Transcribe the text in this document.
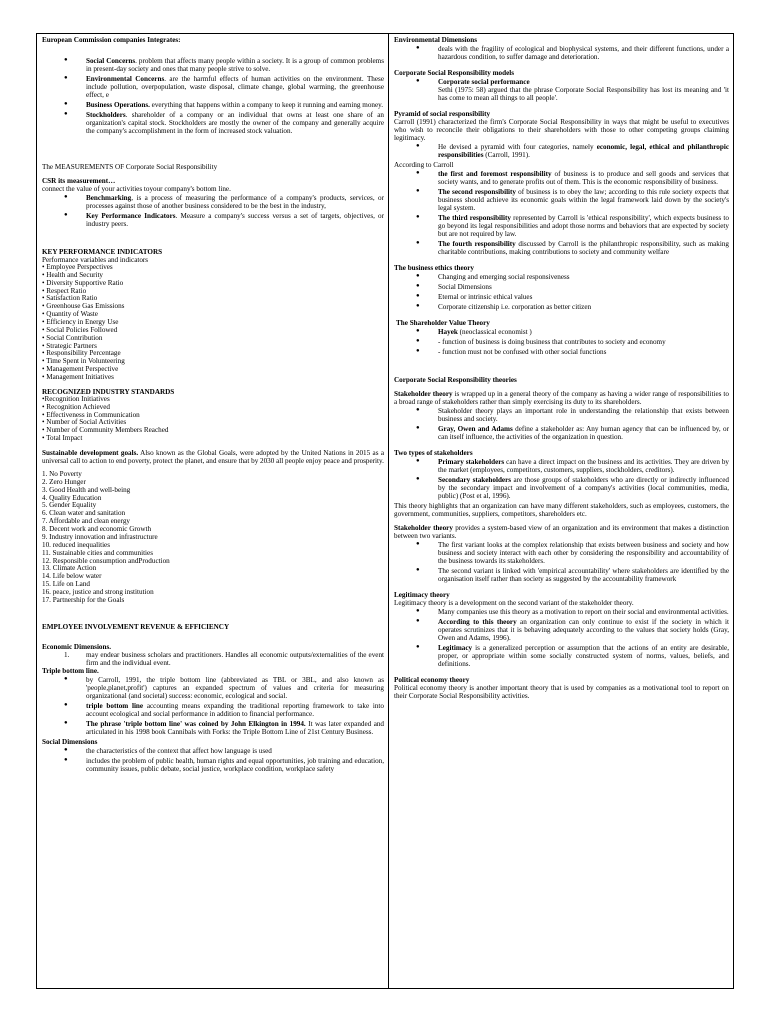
European Commission companies Integrates:

● Social Concerns. problem that affects many people within a society. It is a group of common problems in present-day society and ones that many people strive to solve.
● Environmental Concerns. are the harmful effects of human activities on the environment. These include pollution, overpopulation, waste disposal, climate change, global warming, the greenhouse effect, e
● Business Operations. everything that happens within a company to keep it running and earning money.
● Stockholders. shareholder of a company or an individual that owns at least one share of an organization's capital stock. Stockholders are mostly the owner of the company and generally acquire the company's accomplishment in the form of increased stock valuation.

The MEASUREMENTS OF Corporate Social Responsibility

CSR its measurement…

connect the value of your activities toyour company's bottom line.

● Benchmarking, is a process of measuring the performance of a company's products, services, or processes against those of another business considered to be the best in the industry,
● Key Performance Indicators. Measure a company's success versus a set of targets, objectives, or industry peers.

KEY PERFORMANCE INDICATORS

Performance variables and indicators

• Employee Perspectives
• Health and Security
• Diversity Supportive Ratio
• Respect Ratio
• Satisfaction Ratio
• Greenhouse Gas Emissions
• Quantity of Waste
• Efficiency in Energy Use
• Social Policies Followed
• Social Contribution
• Strategic Partners
• Responsibility Percentage
• Time Spent in Volunteering
• Management Perspective
• Management Initiatives

RECOGNIZED INDUSTRY STANDARDS

•Recognition Initiatives
• Recognition Achieved
• Effectiveness in Communication
• Number of Social Activities
• Number of Community Members Reached
• Total Impact

Sustainable development goals. Also known as the Global Goals, were adopted by the United Nations in 2015 as a universal call to action to end poverty, protect the planet, and ensure that by 2030 all people enjoy peace and prosperity.

1. No Poverty
2. Zero Hunger
3. Good Health and well-being
4. Quality Education
5. Gender Equality
6. Clean water and sanitation
7. Affordable and clean energy
8. Decent work and economic Growth
9. Industry innovation and infrastructure
10. reduced inequalities
11. Sustainable cities and communities
12. Responsible consumption andProduction
13. Climate Action
14. Life below water
15. Life on Land
16. peace, justice and strong institution
17. Partnership for the Goals

EMPLOYEE INVOLVEMENT REVENUE & EFFICIENCY

Economic Dimensions.

1. may endear business scholars and practitioners. Handles all economic outputs/externalities of the event firm and the individual event.

Triple bottom line.

● by Carroll, 1991, the triple bottom line (abbreviated as TBL or 3BL, and also known as 'people,planet,profit') captures an expanded spectrum of values and criteria for measuring organizational (and societal) success: economic, ecological and social.
● triple bottom line accounting means expanding the traditional reporting framework to take into account ecological and social performance in addition to financial performance.
● The phrase 'triple bottom line' was coined by John Elkington in 1994. It was later expanded and articulated in his 1998 book Cannibals with Forks: the Triple Bottom Line of 21st Century Business.

Social Dimensions

● the characteristics of the context that affect how language is used
● includes the problem of public health, human rights and equal opportunities, job training and education, community issues, public debate, social justice, workplace condition, workplace safety

Environmental Dimensions

● deals with the fragility of ecological and biophysical systems, and their different functions, under a hazardous condition, to suffer damage and deterioration.

Corporate Social Responsibility models

● Corporate social performance
Sethi (1975: 58) argued that the phrase Corporate Social Responsibility has lost its meaning and 'it has come to mean all things to all people'.

Pyramid of social responsibility

Carroll (1991) characterized the firm's Corporate Social Responsibility in ways that might be useful to executives who wish to reconcile their obligations to their shareholders with those to other competing groups claiming legitimacy.

● He devised a pyramid with four categories, namely economic, legal, ethical and philanthropic responsibilities (Carroll, 1991).

According to Carroll

● the first and foremost responsibility of business is to produce and sell goods and services that society wants, and to generate profits out of them. This is the economic responsibility of business.
● The second responsibility of business is to obey the law; according to this rule society expects that business should achieve its economic goals within the legal framework laid down by the society's legal system.
● The third responsibility represented by Carroll is 'ethical responsibility', which expects business to go beyond its legal responsibilities and adopt those norms and behaviors that are expected by society but are not required by law.
● The fourth responsibility discussed by Carroll is the philanthropic responsibility, such as making charitable contributions, making contributions to society and community welfare

The business ethics theory

● Changing and emerging social responsiveness
● Social Dimensions
● Eternal or intrinsic ethical values
● Corporate citizenship i.e. corporation as better citizen

The Shareholder Value Theory

● Hayek (neoclassical economist )
● - function of business is doing business that contributes to society and economy
● - function must not be confused with other social functions

Corporate Social Responsibility theories

Stakeholder theory is wrapped up in a general theory of the company as having a wider range of responsibilities to a broad range of stakeholders rather than simply exercising its duty to its shareholders.

● Stakeholder theory plays an important role in understanding the relationship that exists between business and society.
● Gray, Owen and Adams define a stakeholder as: Any human agency that can be influenced by, or can itself influence, the activities of the organization in question.

Two types of stakeholders

● Primary stakeholders can have a direct impact on the business and its activities. They are driven by the market (employees, competitors, customers, suppliers, stockholders, creditors).
● Secondary stakeholders are those groups of stakeholders who are directly or indirectly influenced by the secondary impact and involvement of a company's activities (local communities, media, public) (Post et al, 1996).

This theory highlights that an organization can have many different stakeholders, such as employees, customers, the government, communities, suppliers, competitors, shareholders etc.

Stakeholder theory provides a system-based view of an organization and its environment that makes a distinction between two variants.

● The first variant looks at the complex relationship that exists between business and society and how business and society interact with each other by considering the responsibility and accountability of the business towards its stakeholders.
● The second variant is linked with 'empirical accountability' where stakeholders are identified by the organisation itself rather than society as suggested by the accountability framework

Legitimacy theory

Legitimacy theory is a development on the second variant of the stakeholder theory.

● Many companies use this theory as a motivation to report on their social and environmental activities.
● According to this theory an organization can only continue to exist if the society in which it operates scrutinizes that it is behaving adequately according to the values that society holds (Gray, Owen and Adams, 1996).
● Legitimacy is a generalized perception or assumption that the actions of an entity are desirable, proper, or appropriate within some socially constructed system of norms, values, beliefs, and definitions.

Political economy theory

Political economy theory is another important theory that is used by companies as a motivational tool to report on their Corporate Social Responsibility activities.
